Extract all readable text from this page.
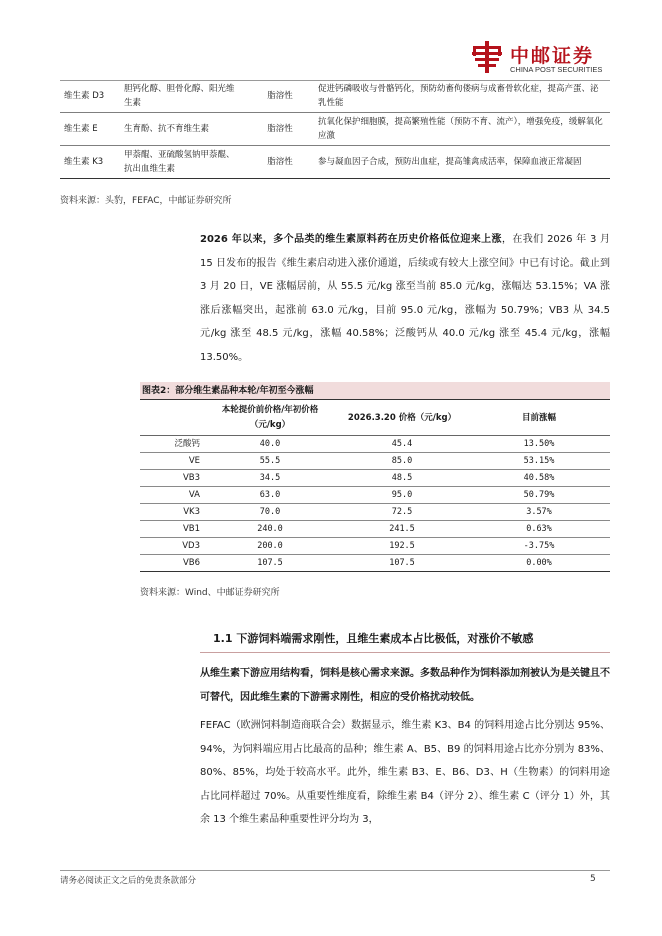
中邮证券
CHINA POST SECURITIES
维生素 D3	胆钙化醇、胆骨化醇、阳光维生素	脂溶性	促进钙磷吸收与骨骼钙化，预防幼畜佝偻病与成畜骨软化症，提高产蛋、泌乳性能
维生素 E	生育酚、抗不育维生素	脂溶性	抗氧化保护细胞膜，提高繁殖性能（预防不育、流产），增强免疫，缓解氧化应激
维生素 K3	甲萘醌、亚硫酸氢钠甲萘醌、抗出血维生素	脂溶性	参与凝血因子合成，预防出血症，提高雏禽成活率，保障血液正常凝固
资料来源：头豹，FEFAC，中邮证券研究所
2026 年以来，多个品类的维生素原料药在历史价格低位迎来上涨，在我们 2026 年 3 月 15 日发布的报告《维生素启动进入涨价通道，后续或有较大上涨空间》中已有讨论。截止到 3 月 20 日，VE 涨幅居前，从 55.5 元/kg 涨至当前 85.0 元/kg，涨幅达 53.15%；VA 涨涨后涨幅突出，起涨前 63.0 元/kg，目前 95.0 元/kg，涨幅为 50.79%；VB3 从 34.5 元/kg 涨至 48.5 元/kg，涨幅 40.58%；泛酸钙从 40.0 元/kg 涨至 45.4 元/kg，涨幅 13.50%。
图表2：部分维生素品种本轮/年初至今涨幅
	本轮提价前价格/年初价格（元/kg）	2026.3.20 价格（元/kg）	目前涨幅
泛酸钙	40.0	45.4	13.50%
VE	55.5	85.0	53.15%
VB3	34.5	48.5	40.58%
VA	63.0	95.0	50.79%
VK3	70.0	72.5	3.57%
VB1	240.0	241.5	0.63%
VD3	200.0	192.5	-3.75%
VB6	107.5	107.5	0.00%
资料来源：Wind、中邮证券研究所
1.1 下游饲料端需求刚性，且维生素成本占比极低，对涨价不敏感
从维生素下游应用结构看，饲料是核心需求来源。多数品种作为饲料添加剂被认为是关键且不可替代，因此维生素的下游需求刚性，相应的受价格扰动较低。
FEFAC（欧洲饲料制造商联合会）数据显示，维生素 K3、B4 的饲料用途占比分别达 95%、94%，为饲料端应用占比最高的品种；维生素 A、B5、B9 的饲料用途占比亦分别为 83%、80%、85%，均处于较高水平。此外，维生素 B3、E、B6、D3、H（生物素）的饲料用途占比同样超过 70%。从重要性维度看，除维生素 B4（评分 2）、维生素 C（评分 1）外，其余 13 个维生素品种重要性评分均为 3，
请务必阅读正文之后的免责条款部分	5
